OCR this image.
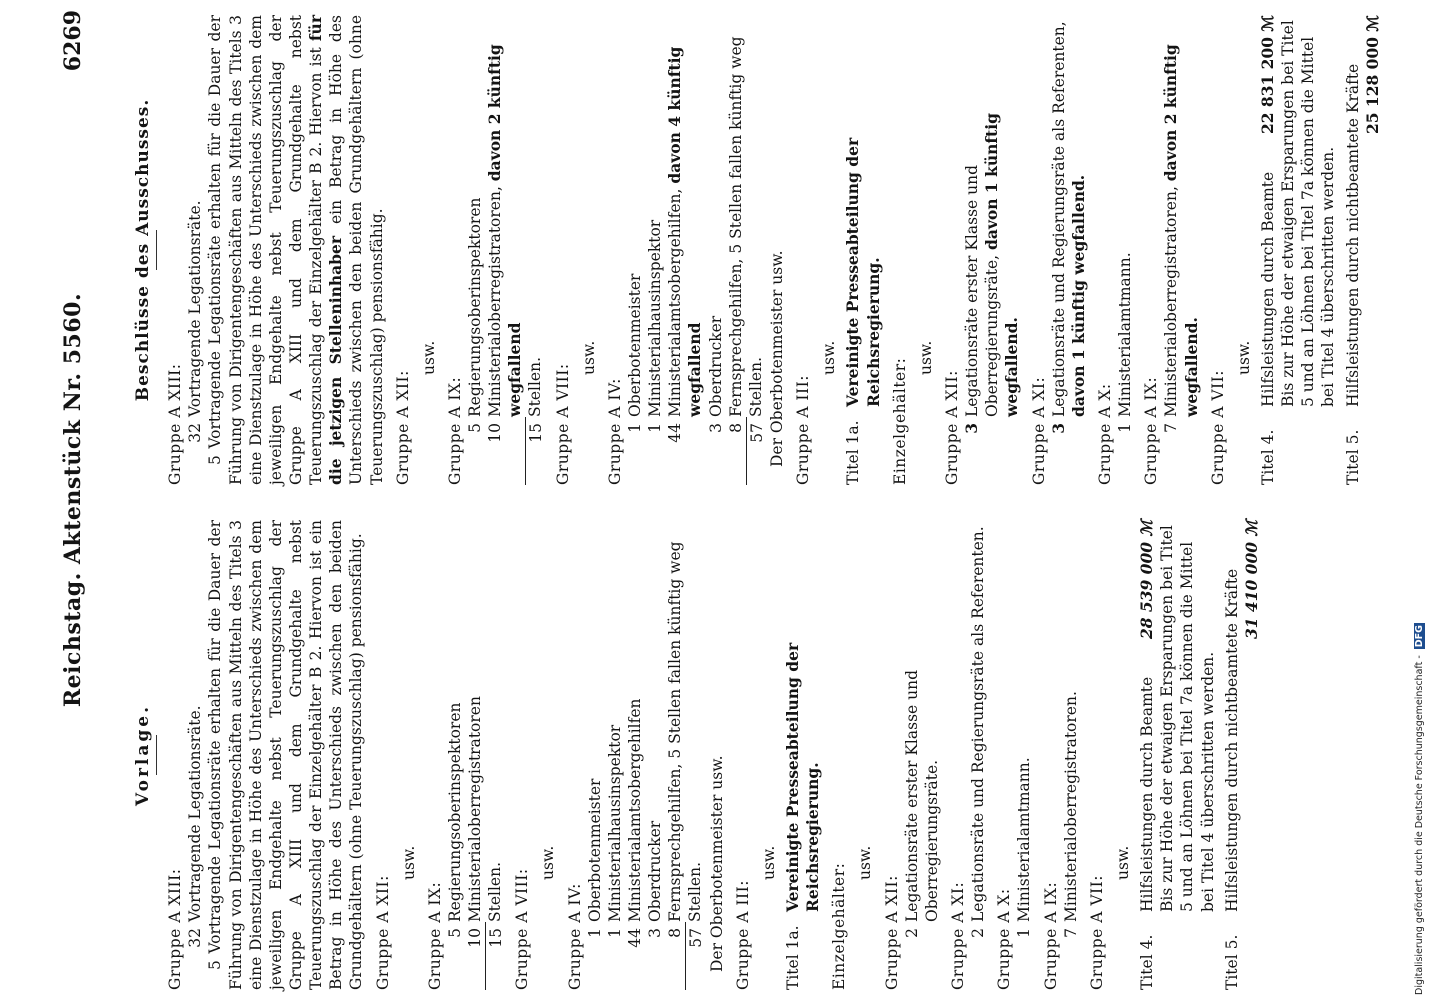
Reichstag. Aktenstück Nr. 5560.
6269
Vorlage.
Gruppe A XIII: 32
Vortragende Legationsräte. 5 Vortragende Legationsräte erhalten für die Dauer der Führung von Dirigentengeschäften aus Mitteln des Titels 3 eine Dienstzulage in Höhe des Unterschieds zwischen dem jeweiligen Endgehalte nebst Teuerungszuschlag der Gruppe A XIII und dem Grundgehalte nebst Teuerungszuschlag der Einzelgehälter B 2. Hiervon ist ein Betrag in Höhe des Unterschieds zwischen den beiden Grundgehältern (ohne Teuerungszuschlag) pensionsfähig. Gruppe A XII:
usw.
Gruppe A IX: 5
Regierungsoberinspektoren
10
Ministerialoberregistratoren
15
Stellen. Gruppe A VIII:
usw.
Gruppe A IV: 1
Oberbotenmeister
1
Ministerialhausinspektor
44
Ministerialamtsobergehilfen
3
Oberdrucker
8
Fernsprechgehilfen, 5 Stellen fallen künftig weg
57
Stellen. Der Oberbotenmeister usw. Gruppe A III:
usw.
Titel 1a.
Vereinigte Presseabteilung der Reichsregierung.
Einzelgehälter: usw.
Gruppe A XII: 2
Legationsräte erster Klasse und Oberregierungsräte.
Gruppe A XI: 2
Legationsräte und Regierungsräte als Referenten.
Gruppe A X: 1
Ministerialamtmann.
Gruppe A IX: 7
Ministerialoberregistratoren.
Gruppe A VII:
usw.
Titel 4.
Hilfsleistungen durch Beamte
28 539 000 ℳ Bis zur Höhe der etwaigen Ersparungen bei Titel 5 und an Löhnen bei Titel 7a können die Mittel bei Titel 4 überschritten werden.
Titel 5.
Hilfsleistungen durch nichtbeamtete Kräfte 31 410 000 ℳ
Beschlüsse des Ausschusses.
Gruppe A XIII: 32
Vortragende Legationsräte. 5 Vortragende Legationsräte erhalten für die Dauer der Führung von Dirigentengeschäften aus Mitteln des Titels 3 eine Dienstzulage in Höhe des Unterschieds zwischen dem jeweiligen Endgehalte nebst Teuerungszuschlag der Gruppe A XIII und dem Grundgehalte nebst Teuerungszuschlag der Einzelgehälter B 2. Hiervon ist für die jetzigen Stelleninhaber ein Betrag in Höhe des Unterschieds zwischen den beiden Grundgehältern (ohne Teuerungszuschlag) pensionsfähig. Gruppe A XII:
usw.
Gruppe A IX: 5
Regierungsoberinspektoren
10
Ministerialoberregistratoren, davon 2 künftig wegfallend
15
Stellen. Gruppe A VIII:
usw.
Gruppe A IV: 1
Oberbotenmeister
1
Ministerialhausinspektor
44
Ministerialamtsobergehilfen, davon 4 künftig wegfallend
3
Oberdrucker
8
Fernsprechgehilfen, 5 Stellen fallen künftig weg
57
Stellen. Der Oberbotenmeister usw. Gruppe A III:
usw.
Titel 1a.
Vereinigte Presseabteilung der Reichsregierung.
Einzelgehälter: usw.
Gruppe A XII: 3
Legationsräte erster Klasse und Oberregierungsräte, davon 1 künftig wegfallend.
Gruppe A XI: 3
Legationsräte und Regierungsräte als Referenten, davon 1 künftig wegfallend.
Gruppe A X: 1
Ministerialamtmann.
Gruppe A IX: 7
Ministerialoberregistratoren, davon 2 künftig wegfallend.
Gruppe A VII:
usw.
Titel 4.
Hilfsleistungen durch Beamte
22 831 200 ℳ Bis zur Höhe der etwaigen Ersparungen bei Titel 5 und an Löhnen bei Titel 7a können die Mittel bei Titel 4 überschritten werden.
Titel 5.
Hilfsleistungen durch nichtbeamtete Kräfte 25 128 000 ℳ
Digitalisierung gefördert durch die Deutsche Forschungsgemeinschaft - DFG
